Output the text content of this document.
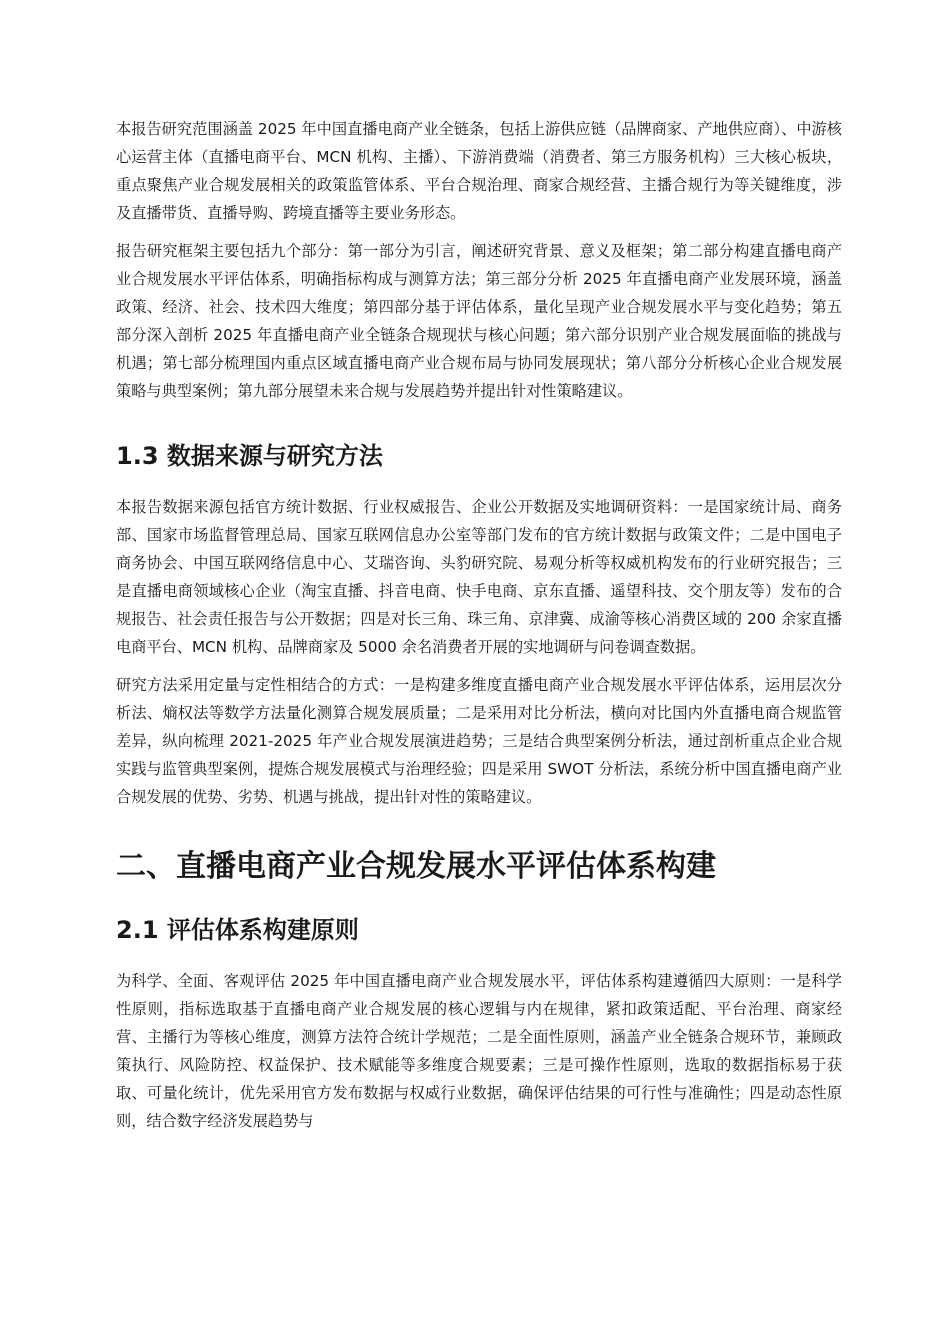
本报告研究范围涵盖 2025 年中国直播电商产业全链条，包括上游供应链（品牌商家、产地供应商）、中游核心运营主体（直播电商平台、MCN 机构、主播）、下游消费端（消费者、第三方服务机构）三大核心板块，重点聚焦产业合规发展相关的政策监管体系、平台合规治理、商家合规经营、主播合规行为等关键维度，涉及直播带货、直播导购、跨境直播等主要业务形态。

报告研究框架主要包括九个部分：第一部分为引言，阐述研究背景、意义及框架；第二部分构建直播电商产业合规发展水平评估体系，明确指标构成与测算方法；第三部分分析 2025 年直播电商产业发展环境，涵盖政策、经济、社会、技术四大维度；第四部分基于评估体系，量化呈现产业合规发展水平与变化趋势；第五部分深入剖析 2025 年直播电商产业全链条合规现状与核心问题；第六部分识别产业合规发展面临的挑战与机遇；第七部分梳理国内重点区域直播电商产业合规布局与协同发展现状；第八部分分析核心企业合规发展策略与典型案例；第九部分展望未来合规与发展趋势并提出针对性策略建议。

1.3 数据来源与研究方法

本报告数据来源包括官方统计数据、行业权威报告、企业公开数据及实地调研资料：一是国家统计局、商务部、国家市场监督管理总局、国家互联网信息办公室等部门发布的官方统计数据与政策文件；二是中国电子商务协会、中国互联网络信息中心、艾瑞咨询、头豹研究院、易观分析等权威机构发布的行业研究报告；三是直播电商领域核心企业（淘宝直播、抖音电商、快手电商、京东直播、遥望科技、交个朋友等）发布的合规报告、社会责任报告与公开数据；四是对长三角、珠三角、京津冀、成渝等核心消费区域的 200 余家直播电商平台、MCN 机构、品牌商家及 5000 余名消费者开展的实地调研与问卷调查数据。

研究方法采用定量与定性相结合的方式：一是构建多维度直播电商产业合规发展水平评估体系，运用层次分析法、熵权法等数学方法量化测算合规发展质量；二是采用对比分析法，横向对比国内外直播电商合规监管差异，纵向梳理 2021-2025 年产业合规发展演进趋势；三是结合典型案例分析法，通过剖析重点企业合规实践与监管典型案例，提炼合规发展模式与治理经验；四是采用 SWOT 分析法，系统分析中国直播电商产业合规发展的优势、劣势、机遇与挑战，提出针对性的策略建议。

二、直播电商产业合规发展水平评估体系构建
2.1 评估体系构建原则

为科学、全面、客观评估 2025 年中国直播电商产业合规发展水平，评估体系构建遵循四大原则：一是科学性原则，指标选取基于直播电商产业合规发展的核心逻辑与内在规律，紧扣政策适配、平台治理、商家经营、主播行为等核心维度，测算方法符合统计学规范；二是全面性原则，涵盖产业全链条合规环节，兼顾政策执行、风险防控、权益保护、技术赋能等多维度合规要素；三是可操作性原则，选取的数据指标易于获取、可量化统计，优先采用官方发布数据与权威行业数据，确保评估结果的可行性与准确性；四是动态性原则，结合数字经济发展趋势与
